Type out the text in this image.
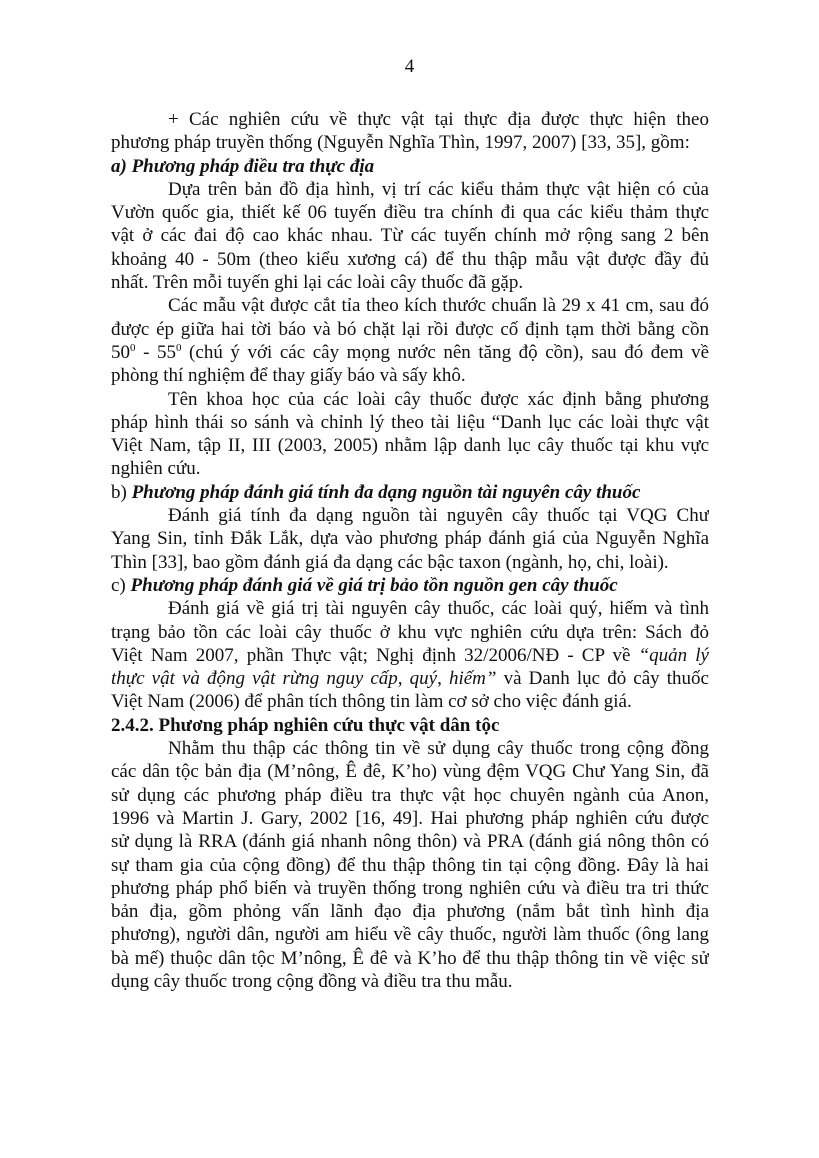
4
+ Các nghiên cứu về thực vật tại thực địa được thực hiện theo
phương pháp truyền thống (Nguyễn Nghĩa Thìn, 1997, 2007) [33, 35], gồm:
a) Phương pháp điều tra thực địa
Dựa trên bản đồ địa hình, vị trí các kiểu thảm thực vật hiện có của
Vườn quốc gia, thiết kế 06 tuyến điều tra chính đi qua các kiểu thảm thực
vật ở các đai độ cao khác nhau. Từ các tuyến chính mở rộng sang 2 bên
khoảng 40 - 50m (theo kiểu xương cá) để thu thập mẫu vật được đầy đủ
nhất. Trên mỗi tuyến ghi lại các loài cây thuốc đã gặp.
Các mẫu vật được cắt tỉa theo kích thước chuẩn là 29 x 41 cm, sau đó
được ép giữa hai tời báo và bó chặt lại rồi được cố định tạm thời bằng cồn
$50^0 - 55^0$ (chú ý với các cây mọng nước nên tăng độ cồn), sau đó đem về
phòng thí nghiệm để thay giấy báo và sấy khô.
Tên khoa học của các loài cây thuốc được xác định bằng phương
pháp hình thái so sánh và chỉnh lý theo tài liệu “Danh lục các loài thực vật
Việt Nam, tập II, III (2003, 2005) nhằm lập danh lục cây thuốc tại khu vực
nghiên cứu.
b) Phương pháp đánh giá tính đa dạng nguồn tài nguyên cây thuốc
Đánh giá tính đa dạng nguồn tài nguyên cây thuốc tại VQG Chư
Yang Sin, tỉnh Đắk Lắk, dựa vào phương pháp đánh giá của Nguyễn Nghĩa
Thìn [33], bao gồm đánh giá đa dạng các bậc taxon (ngành, họ, chi, loài).
c) Phương pháp đánh giá về giá trị bảo tồn nguồn gen cây thuốc
Đánh giá về giá trị tài nguyên cây thuốc, các loài quý, hiếm và tình
trạng bảo tồn các loài cây thuốc ở khu vực nghiên cứu dựa trên: Sách đỏ
Việt Nam 2007, phần Thực vật; Nghị định 32/2006/NĐ - CP về “quản lý
thực vật và động vật rừng nguy cấp, quý, hiếm” và Danh lục đỏ cây thuốc
Việt Nam (2006) để phân tích thông tin làm cơ sở cho việc đánh giá.
2.4.2. Phương pháp nghiên cứu thực vật dân tộc
Nhằm thu thập các thông tin về sử dụng cây thuốc trong cộng đồng
các dân tộc bản địa (M’nông, Ê đê, K’ho) vùng đệm VQG Chư Yang Sin, đã
sử dụng các phương pháp điều tra thực vật học chuyên ngành của Anon,
1996 và Martin J. Gary, 2002 [16, 49]. Hai phương pháp nghiên cứu được
sử dụng là RRA (đánh giá nhanh nông thôn) và PRA (đánh giá nông thôn có
sự tham gia của cộng đồng) để thu thập thông tin tại cộng đồng. Đây là hai
phương pháp phổ biến và truyền thống trong nghiên cứu và điều tra tri thức
bản địa, gồm phỏng vấn lãnh đạo địa phương (nắm bắt tình hình địa
phương), người dân, người am hiểu về cây thuốc, người làm thuốc (ông lang
bà mế) thuộc dân tộc M’nông, Ê đê và K’ho để thu thập thông tin về việc sử
dụng cây thuốc trong cộng đồng và điều tra thu mẫu.
